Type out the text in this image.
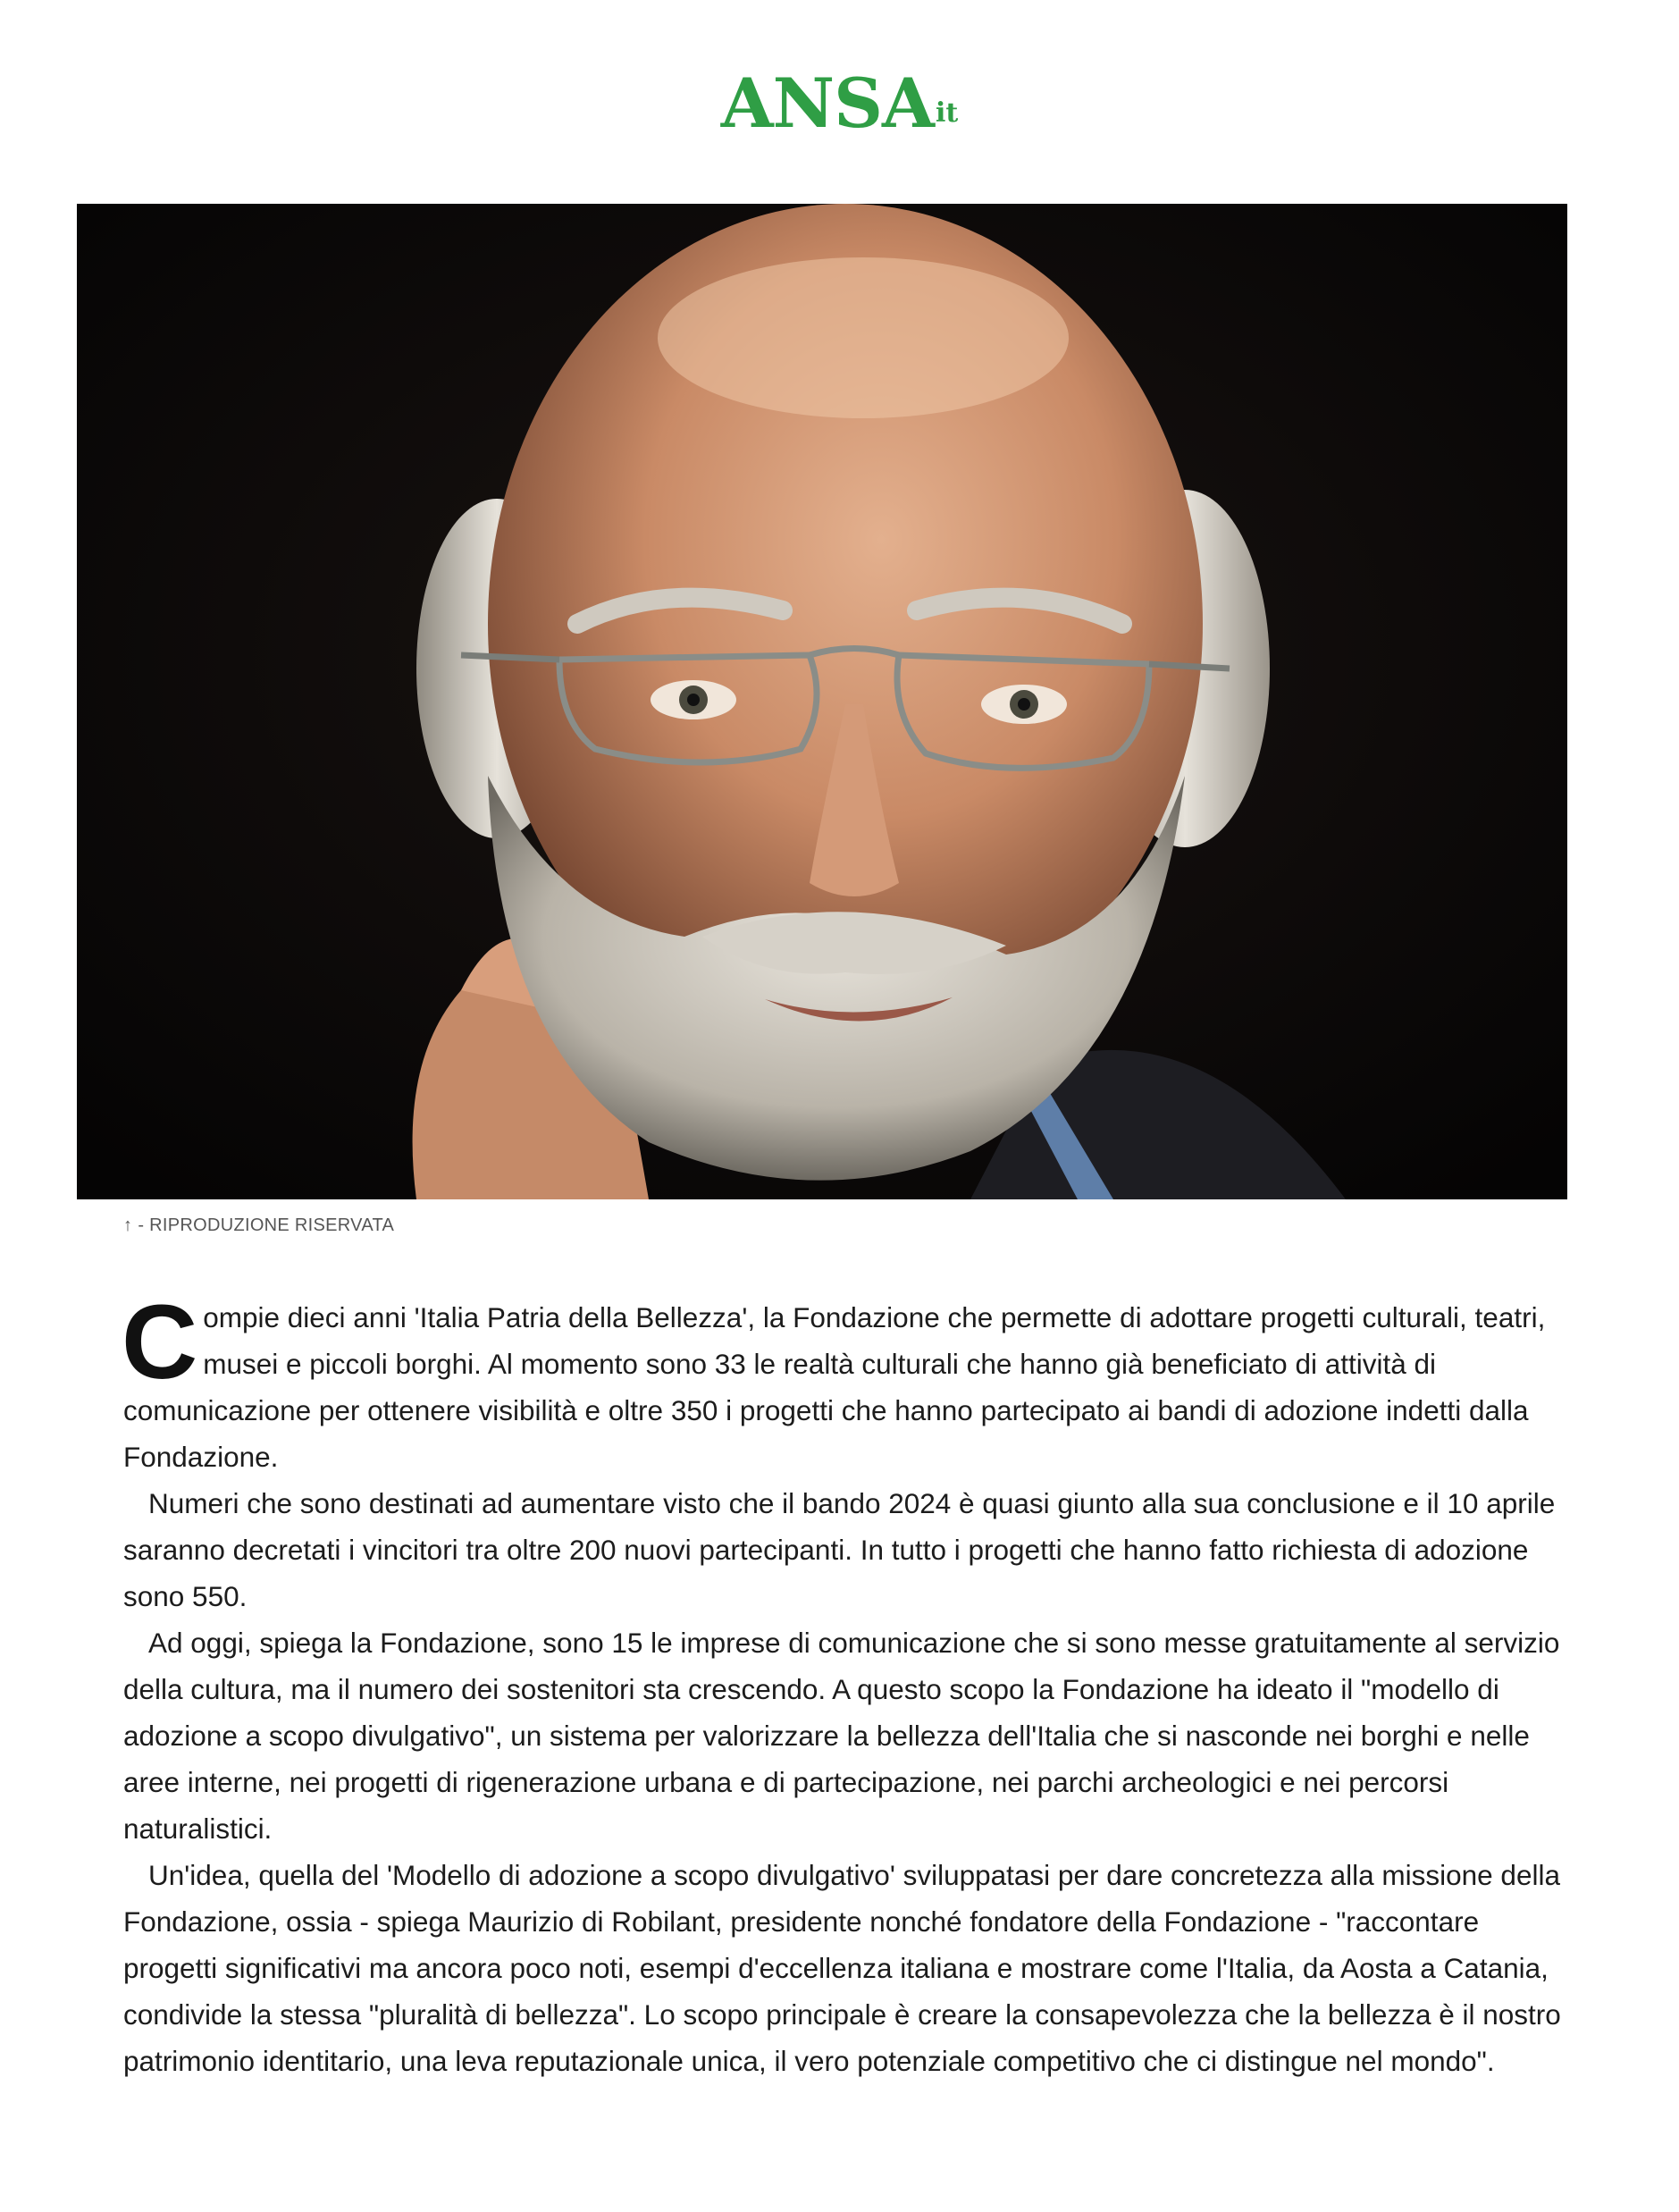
ANSAit
↑ - RIPRODUZIONE RISERVATA

Compie dieci anni 'Italia Patria della Bellezza', la Fondazione che permette di adottare progetti culturali, teatri, musei e piccoli borghi. Al momento sono 33 le realtà culturali che hanno già beneficiato di attività di comunicazione per ottenere visibilità e oltre 350 i progetti che hanno partecipato ai bandi di adozione indetti dalla Fondazione.

Numeri che sono destinati ad aumentare visto che il bando 2024 è quasi giunto alla sua conclusione e il 10 aprile saranno decretati i vincitori tra oltre 200 nuovi partecipanti. In tutto i progetti che hanno fatto richiesta di adozione sono 550.

Ad oggi, spiega la Fondazione, sono 15 le imprese di comunicazione che si sono messe gratuitamente al servizio della cultura, ma il numero dei sostenitori sta crescendo. A questo scopo la Fondazione ha ideato il "modello di adozione a scopo divulgativo", un sistema per valorizzare la bellezza dell'Italia che si nasconde nei borghi e nelle aree interne, nei progetti di rigenerazione urbana e di partecipazione, nei parchi archeologici e nei percorsi naturalistici.

Un'idea, quella del 'Modello di adozione a scopo divulgativo' sviluppatasi per dare concretezza alla missione della Fondazione, ossia - spiega Maurizio di Robilant, presidente nonché fondatore della Fondazione - "raccontare progetti significativi ma ancora poco noti, esempi d'eccellenza italiana e mostrare come l'Italia, da Aosta a Catania, condivide la stessa "pluralità di bellezza". Lo scopo principale è creare la consapevolezza che la bellezza è il nostro patrimonio identitario, una leva reputazionale unica, il vero potenziale competitivo che ci distingue nel mondo".
